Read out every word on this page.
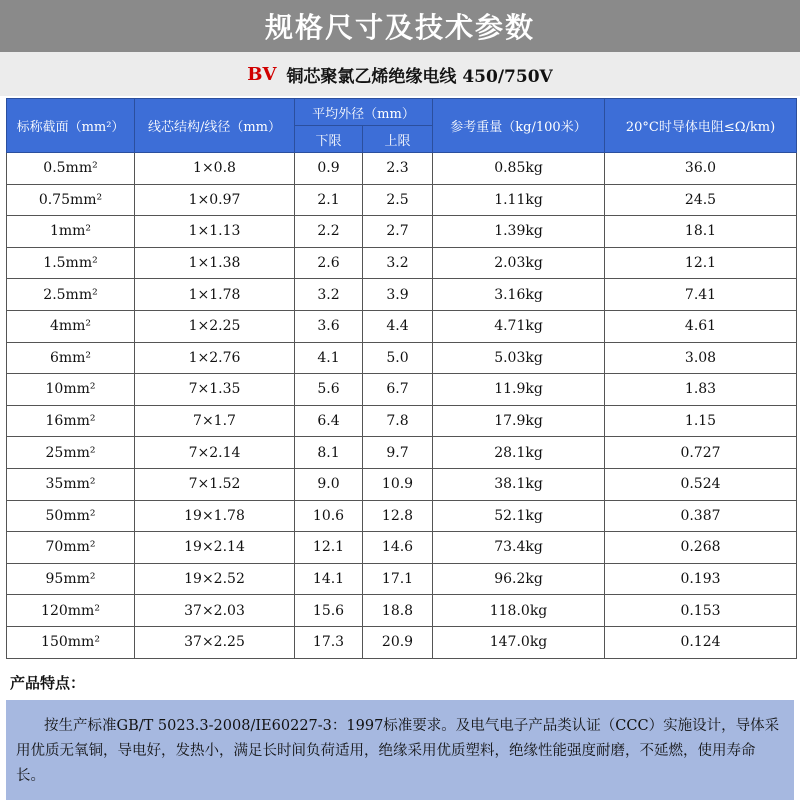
规格尺寸及技术参数
BV 铜芯聚氯乙烯绝缘电线 450/750V
标称截面（mm²）	线芯结构/线径（mm）	平均外径（mm）		参考重量（kg/100米）	20°C时导体电阻≤Ω/km)
		下限	上限		
0.5mm²	1×0.8	0.9	2.3	0.85kg	36.0
0.75mm²	1×0.97	2.1	2.5	1.11kg	24.5
1mm²	1×1.13	2.2	2.7	1.39kg	18.1
1.5mm²	1×1.38	2.6	3.2	2.03kg	12.1
2.5mm²	1×1.78	3.2	3.9	3.16kg	7.41
4mm²	1×2.25	3.6	4.4	4.71kg	4.61
6mm²	1×2.76	4.1	5.0	5.03kg	3.08
10mm²	7×1.35	5.6	6.7	11.9kg	1.83
16mm²	7×1.7	6.4	7.8	17.9kg	1.15
25mm²	7×2.14	8.1	9.7	28.1kg	0.727
35mm²	7×1.52	9.0	10.9	38.1kg	0.524
50mm²	19×1.78	10.6	12.8	52.1kg	0.387
70mm²	19×2.14	12.1	14.6	73.4kg	0.268
95mm²	19×2.52	14.1	17.1	96.2kg	0.193
120mm²	37×2.03	15.6	18.8	118.0kg	0.153
150mm²	37×2.25	17.3	20.9	147.0kg	0.124
产品特点：
按生产标准GB/T 5023.3-2008/IE60227-3：1997标准要求。及电气电子产品类认证（CCC）实施设计，导体采用优质无氧铜，导电好，发热小，满足长时间负荷适用，绝缘采用优质塑料，绝缘性能强度耐磨，不延燃，使用寿命长。
